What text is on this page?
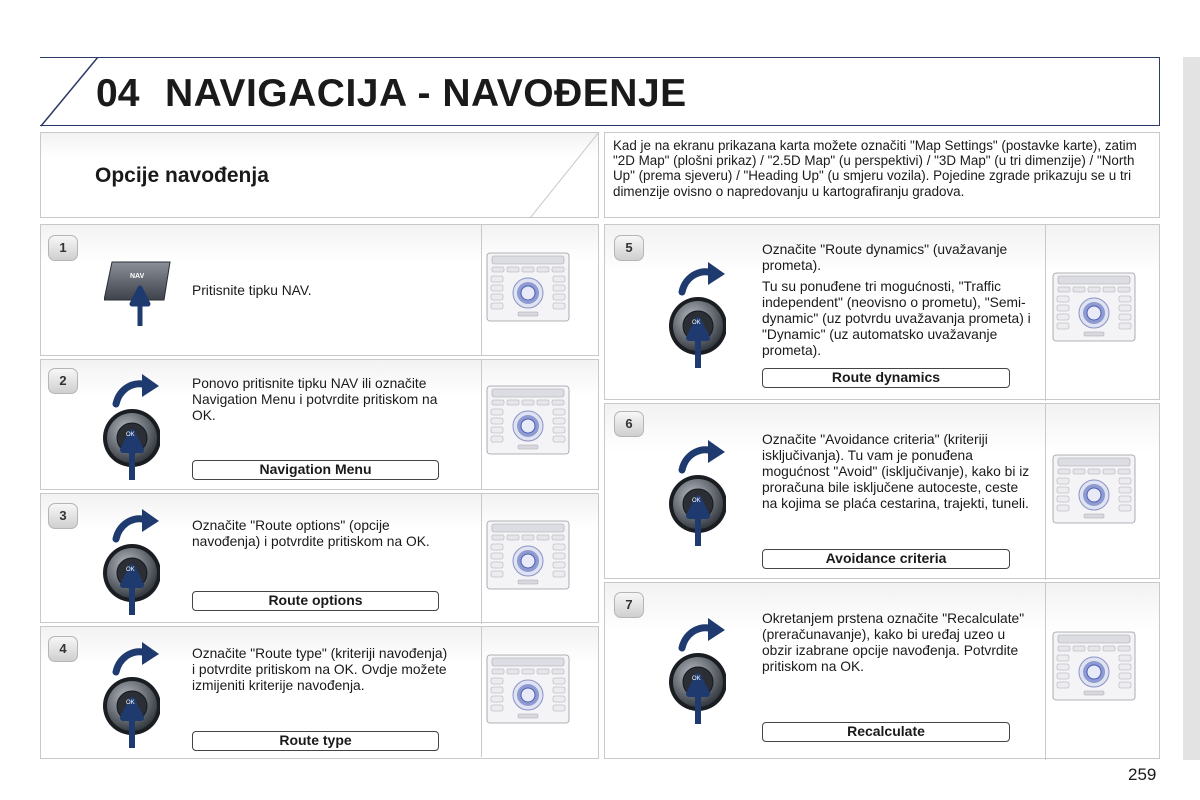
04 NAVIGACIJA - NAVOĐENJE
Opcije navođenja
Kad je na ekranu prikazana karta možete označiti "Map Settings" (postavke karte), zatim "2D Map" (plošni prikaz) / "2.5D Map" (u perspektivi) / "3D Map" (u tri dimenzije) / "North Up" (prema sjeveru) / "Heading Up" (u smjeru vozila). Pojedine zgrade prikazuju se u tri dimenzije ovisno o napredovanju u kartografiranju gradova.
1
2
3
4
5
6
7
Pritisnite tipku NAV.
Ponovo pritisnite tipku NAV ili označite Navigation Menu i potvrdite pritiskom na OK.
Označite "Route options" (opcije navođenja) i potvrdite pritiskom na OK.
Označite "Route type" (kriteriji navođenja) i potvrdite pritiskom na OK. Ovdje možete izmijeniti kriterije navođenja.
Označite "Route dynamics" (uvažavanje prometa).
Tu su ponuđene tri mogućnosti, "Traffic independent" (neovisno o prometu), "Semi-dynamic" (uz potvrdu uvažavanja prometa) i "Dynamic" (uz automatsko uvažavanje prometa).
Označite "Avoidance criteria" (kriteriji isključivanja). Tu vam je ponuđena mogućnost "Avoid" (isključivanje), kako bi iz proračuna bile isključene autoceste, ceste na kojima se plaća cestarina, trajekti, tuneli.
Okretanjem prstena označite "Recalculate" (preračunavanje), kako bi uređaj uzeo u obzir izabrane opcije navođenja. Potvrdite pritiskom na OK.
Navigation Menu
Route options
Route type
Route dynamics
Avoidance criteria
Recalculate
NAV
OK
OK
OK
OK
OK
OK
259
